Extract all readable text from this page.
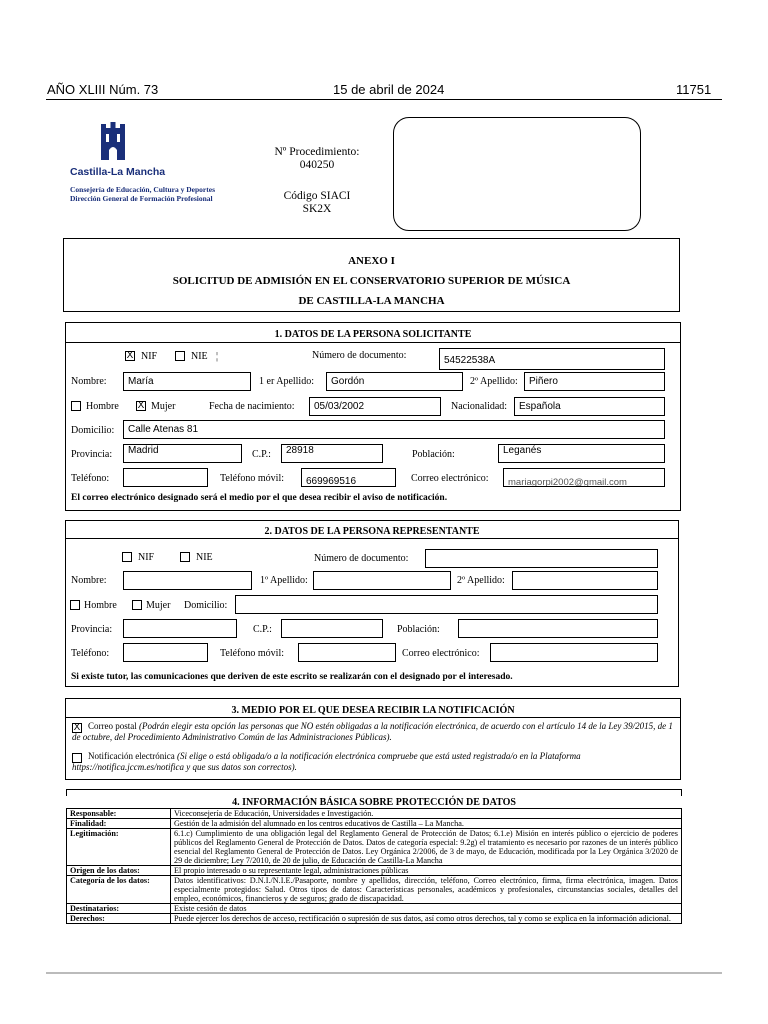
AÑO XLIII Núm. 73	15 de abril de 2024	11751
Castilla-La Mancha
Consejería de Educación, Cultura y Deportes
Dirección General de Formación Profesional
Nº Procedimiento:
040250
Código SIACI
SK2X
ANEXO I
SOLICITUD DE ADMISIÓN EN EL CONSERVATORIO SUPERIOR DE MÚSICA
DE CASTILLA-LA MANCHA
1. DATOS DE LA PERSONA SOLICITANTE
X NIF	NIE ¦	Número de documento:	54522538A
Nombre:	María	1 er Apellido:	Gordón	2º Apellido:	Piñero
Hombre X Mujer	Fecha de nacimiento:	05/03/2002	Nacionalidad:	Española
Domicilio:	Calle Atenas 81
Provincia:	Madrid	C.P.:	28918	Población:	Leganés
Teléfono:	Teléfono móvil:	669969516	Correo electrónico:	mariagorpi2002@gmail.com
El correo electrónico designado será el medio por el que desea recibir el aviso de notificación.
2. DATOS DE LA PERSONA REPRESENTANTE
NIF	NIE	Número de documento:
Nombre:	1º Apellido:	2º Apellido:
Hombre	Mujer Domicilio:
Provincia:	C.P.:	Población:
Teléfono:	Teléfono móvil:	Correo electrónico:
Si existe tutor, las comunicaciones que deriven de este escrito se realizarán con el designado por el interesado.
3. MEDIO POR EL QUE DESEA RECIBIR LA NOTIFICACIÓN
X Correo postal (Podrán elegir esta opción las personas que NO estén obligadas a la notificación electrónica, de acuerdo con el artículo 14 de la Ley 39/2015, de 1 de octubre, del Procedimiento Administrativo Común de las Administraciones Públicas).
Notificación electrónica (Si elige o está obligada/o a la notificación electrónica compruebe que está usted registrada/o en la Plataforma https://notifica.jccm.es/notifica y que sus datos son correctos).
4. INFORMACIÓN BÁSICA SOBRE PROTECCIÓN DE DATOS
Responsable:	Viceconsejería de Educación, Universidades e Investigación.
Finalidad:	Gestión de la admisión del alumnado en los centros educativos de Castilla – La Mancha.
Legitimación:	6.1.c) Cumplimiento de una obligación legal del Reglamento General de Protección de Datos; 6.1.e) Misión en interés público o ejercicio de poderes públicos del Reglamento General de Protección de Datos. Datos de categoría especial: 9.2g) el tratamiento es necesario por razones de un interés público esencial del Reglamento General de Protección de Datos. Ley Orgánica 2/2006, de 3 de mayo, de Educación, modificada por la Ley Orgánica 3/2020 de 29 de diciembre; Ley 7/2010, de 20 de julio, de Educación de Castilla-La Mancha
Origen de los datos:	El propio interesado o su representante legal, administraciones públicas
Categoría de los datos:	Datos identificativos: D.N.I./N.I.E./Pasaporte, nombre y apellidos, dirección, teléfono, Correo electrónico, firma, firma electrónica, imagen. Datos especialmente protegidos: Salud. Otros tipos de datos: Características personales, académicos y profesionales, circunstancias sociales, detalles del empleo, económicos, financieros y de seguros; grado de discapacidad.
Destinatarios:	Existe cesión de datos
Derechos:	Puede ejercer los derechos de acceso, rectificación o supresión de sus datos, así como otros derechos, tal y como se explica en la información adicional.
